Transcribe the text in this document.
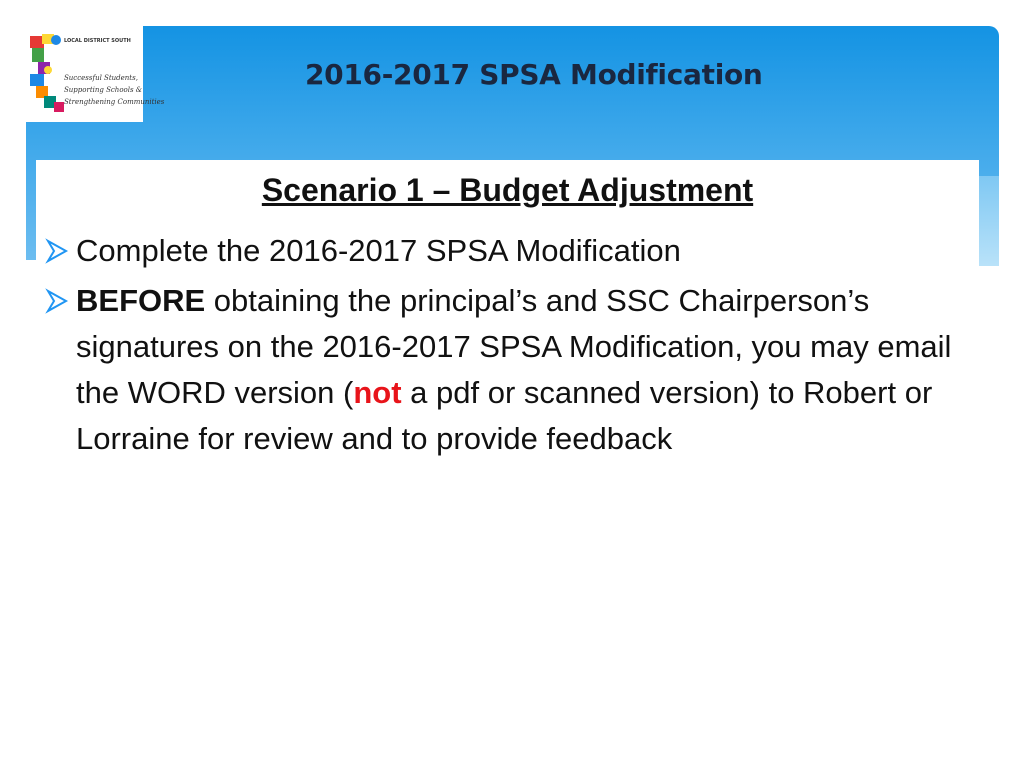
LOCAL DISTRICT SOUTH
Successful Students,
Supporting Schools &
Strengthening Communities
2016-2017 SPSA Modification
Scenario 1 – Budget Adjustment
Complete the 2016-2017 SPSA Modification
BEFORE obtaining the principal’s and SSC Chairperson’s signatures on the 2016-2017 SPSA Modification, you may email the WORD version (not a pdf or scanned version) to Robert or Lorraine for review and to provide feedback
